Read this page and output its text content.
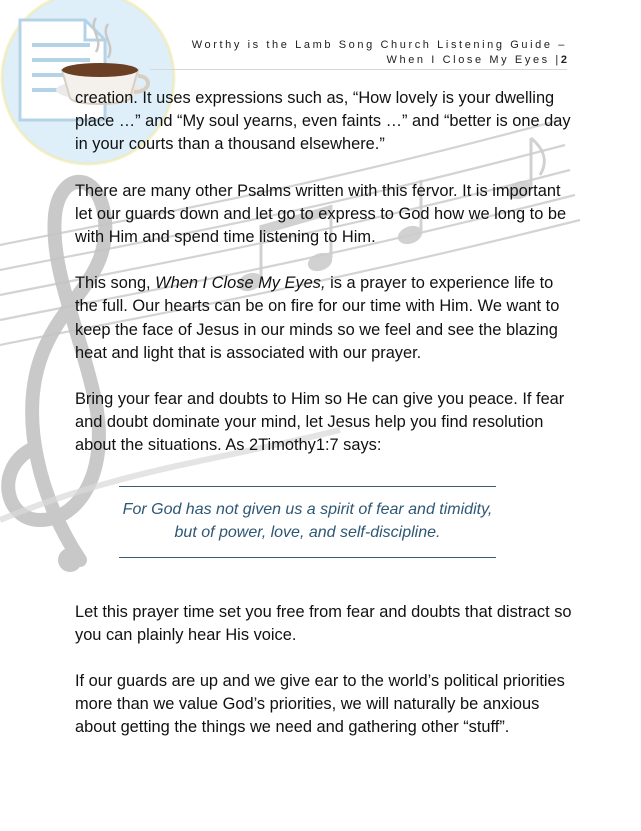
Worthy is the Lamb Song Church Listening Guide –
When I Close My Eyes |2

creation. It uses expressions such as, “How lovely is your dwelling place …” and “My soul yearns, even faints …” and “better is one day in your courts than a thousand elsewhere.”

There are many other Psalms written with this fervor. It is important let our guards down and let go to express to God how we long to be with Him and spend time listening to Him.

This song, When I Close My Eyes, is a prayer to experience life to the full. Our hearts can be on fire for our time with Him. We want to keep the face of Jesus in our minds so we feel and see the blazing heat and light that is associated with our prayer.

Bring your fear and doubts to Him so He can give you peace. If fear and doubt dominate your mind, let Jesus help you find resolution about the situations. As 2Timothy1:7 says:

For God has not given us a spirit of fear and timidity, but of power, love, and self-discipline.

Let this prayer time set you free from fear and doubts that distract so you can plainly hear His voice.

If our guards are up and we give ear to the world’s political priorities more than we value God’s priorities, we will naturally be anxious about getting the things we need and gathering other “stuff”.
